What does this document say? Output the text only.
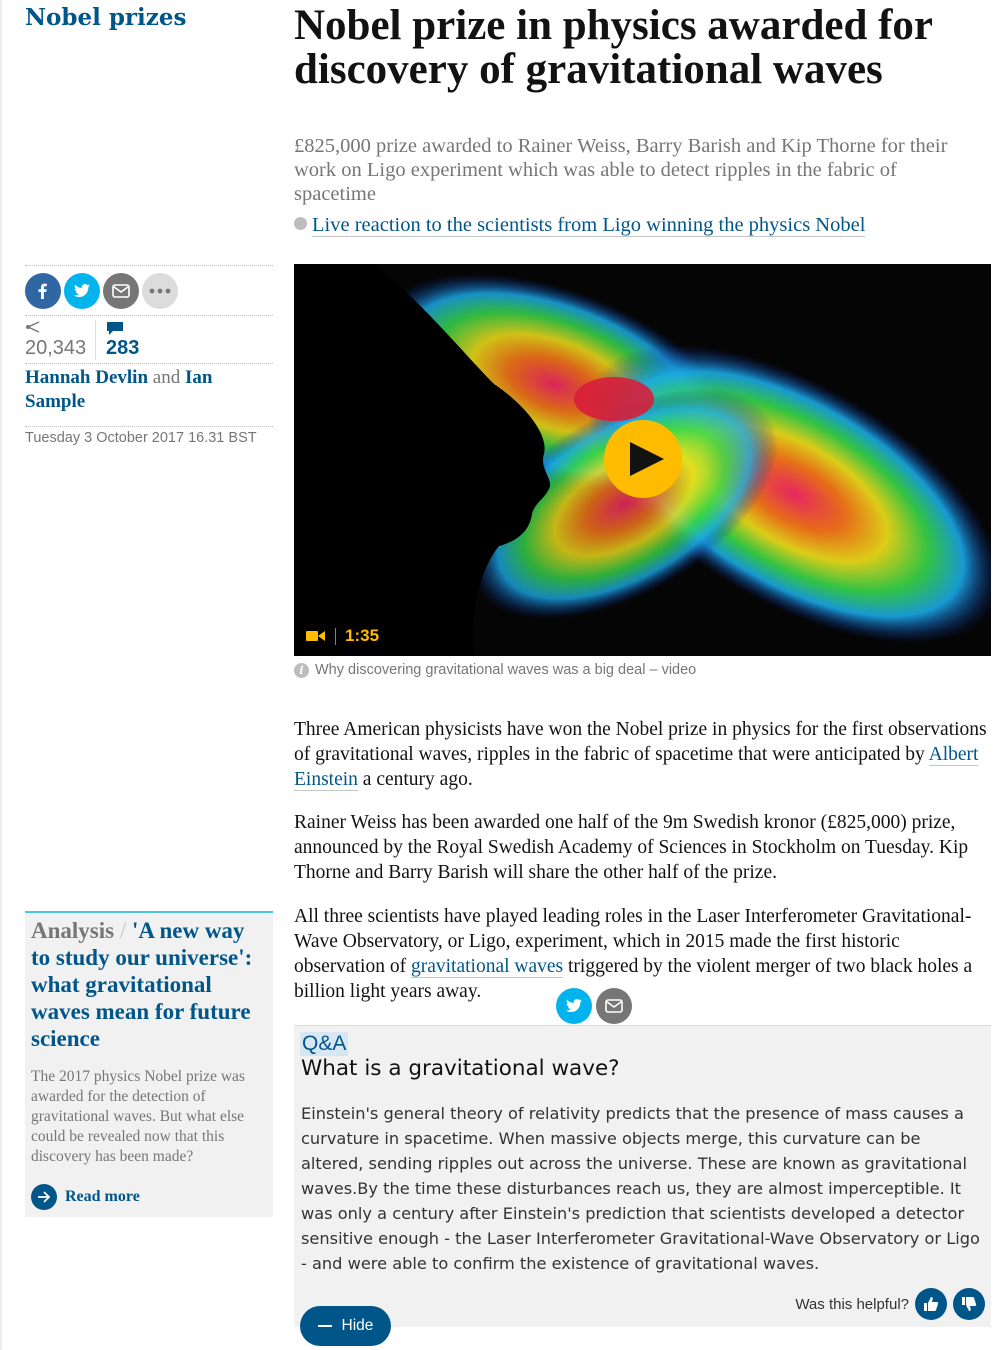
Nobel prizes	Nobel prize in physics awarded for discovery of gravitational waves
£825,000 prize awarded to Rainer Weiss, Barry Barish and Kip Thorne for their work on Ligo experiment which was able to detect ripples in the fabric of spacetime
Live reaction to the scientists from Ligo winning the physics Nobel
20,343 283
Hannah Devlin and Ian Sample
Tuesday 3 October 2017 16.31 BST
1:35
i Why discovering gravitational waves was a big deal – video

Three American physicists have won the Nobel prize in physics for the first observations of gravitational waves, ripples in the fabric of spacetime that were anticipated by Albert Einstein a century ago.

Rainer Weiss has been awarded one half of the 9m Swedish kronor (£825,000) prize, announced by the Royal Swedish Academy of Sciences in Stockholm on Tuesday. Kip Thorne and Barry Barish will share the other half of the prize.

All three scientists have played leading roles in the Laser Interferometer Gravitational-Wave Observatory, or Ligo, experiment, which in 2015 made the first historic observation of gravitational waves triggered by the violent merger of two black holes a billion light years away.

Q&A
What is a gravitational wave?
Einstein's general theory of relativity predicts that the presence of mass causes a curvature in spacetime. When massive objects merge, this curvature can be altered, sending ripples out across the universe. These are known as gravitational waves.By the time these disturbances reach us, they are almost imperceptible. It was only a century after Einstein's prediction that scientists developed a detector sensitive enough - the Laser Interferometer Gravitational-Wave Observatory or Ligo - and were able to confirm the existence of gravitational waves.
Was this helpful?
Hide
Analysis / 'A new way to study our universe': what gravitational waves mean for future science
The 2017 physics Nobel prize was awarded for the detection of gravitational waves. But what else could be revealed now that this discovery has been made?
Read more
